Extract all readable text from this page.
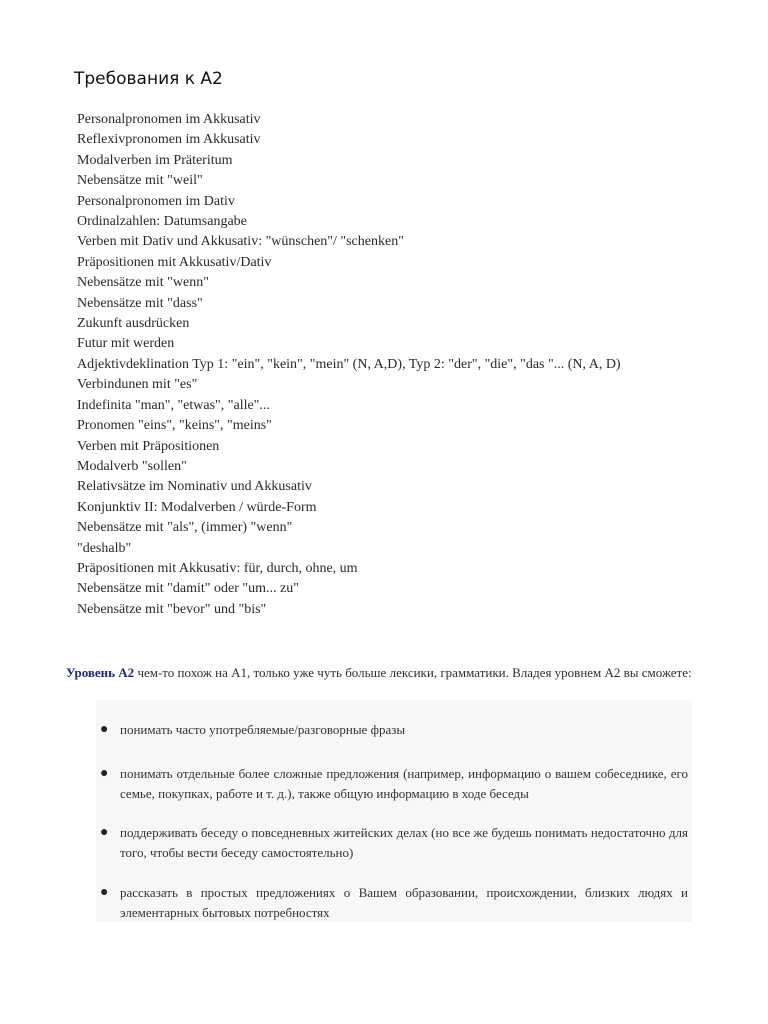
Требования к A2
Personalpronomen im Akkusativ
Reflexivpronomen im Akkusativ
Modalverben im Präteritum
Nebensätze mit "weil"
Personalpronomen im Dativ
Ordinalzahlen: Datumsangabe
Verben mit Dativ und Akkusativ: "wünschen"/ "schenken"
Präpositionen mit Akkusativ/Dativ
Nebensätze mit "wenn"
Nebensätze mit "dass"
Zukunft ausdrücken
Futur mit werden
Adjektivdeklination Typ 1: "ein", "kein", "mein" (N, A,D), Typ 2: "der", "die", "das "... (N, A, D)
Verbindunen mit "es"
Indefinita "man", "etwas", "alle"...
Pronomen "eins", "keins", "meins"
Verben mit Präpositionen
Modalverb "sollen"
Relativsätze im Nominativ und Akkusativ
Konjunktiv II: Modalverben / würde-Form
Nebensätze mit "als", (immer) "wenn"
"deshalb"
Präpositionen mit Akkusativ: für, durch, ohne, um
Nebensätze mit "damit" oder "um... zu"
Nebensätze mit "bevor" und "bis"

Уровень А2 чем-то похож на А1, только уже чуть больше лексики, грамматики. Владея уровнем А2 вы сможете:

● понимать часто употребляемые/разговорные фразы
● понимать отдельные более сложные предложения (например, информацию о вашем собеседнике, его семье, покупках, работе и т. д.), также общую информацию в ходе беседы
● поддерживать беседу о повседневных житейских делах (но все же будешь понимать недостаточно для того, чтобы вести беседу самостоятельно)
● рассказать в простых предложениях о Вашем образовании, происхождении, близких людях и элементарных бытовых потребностях
